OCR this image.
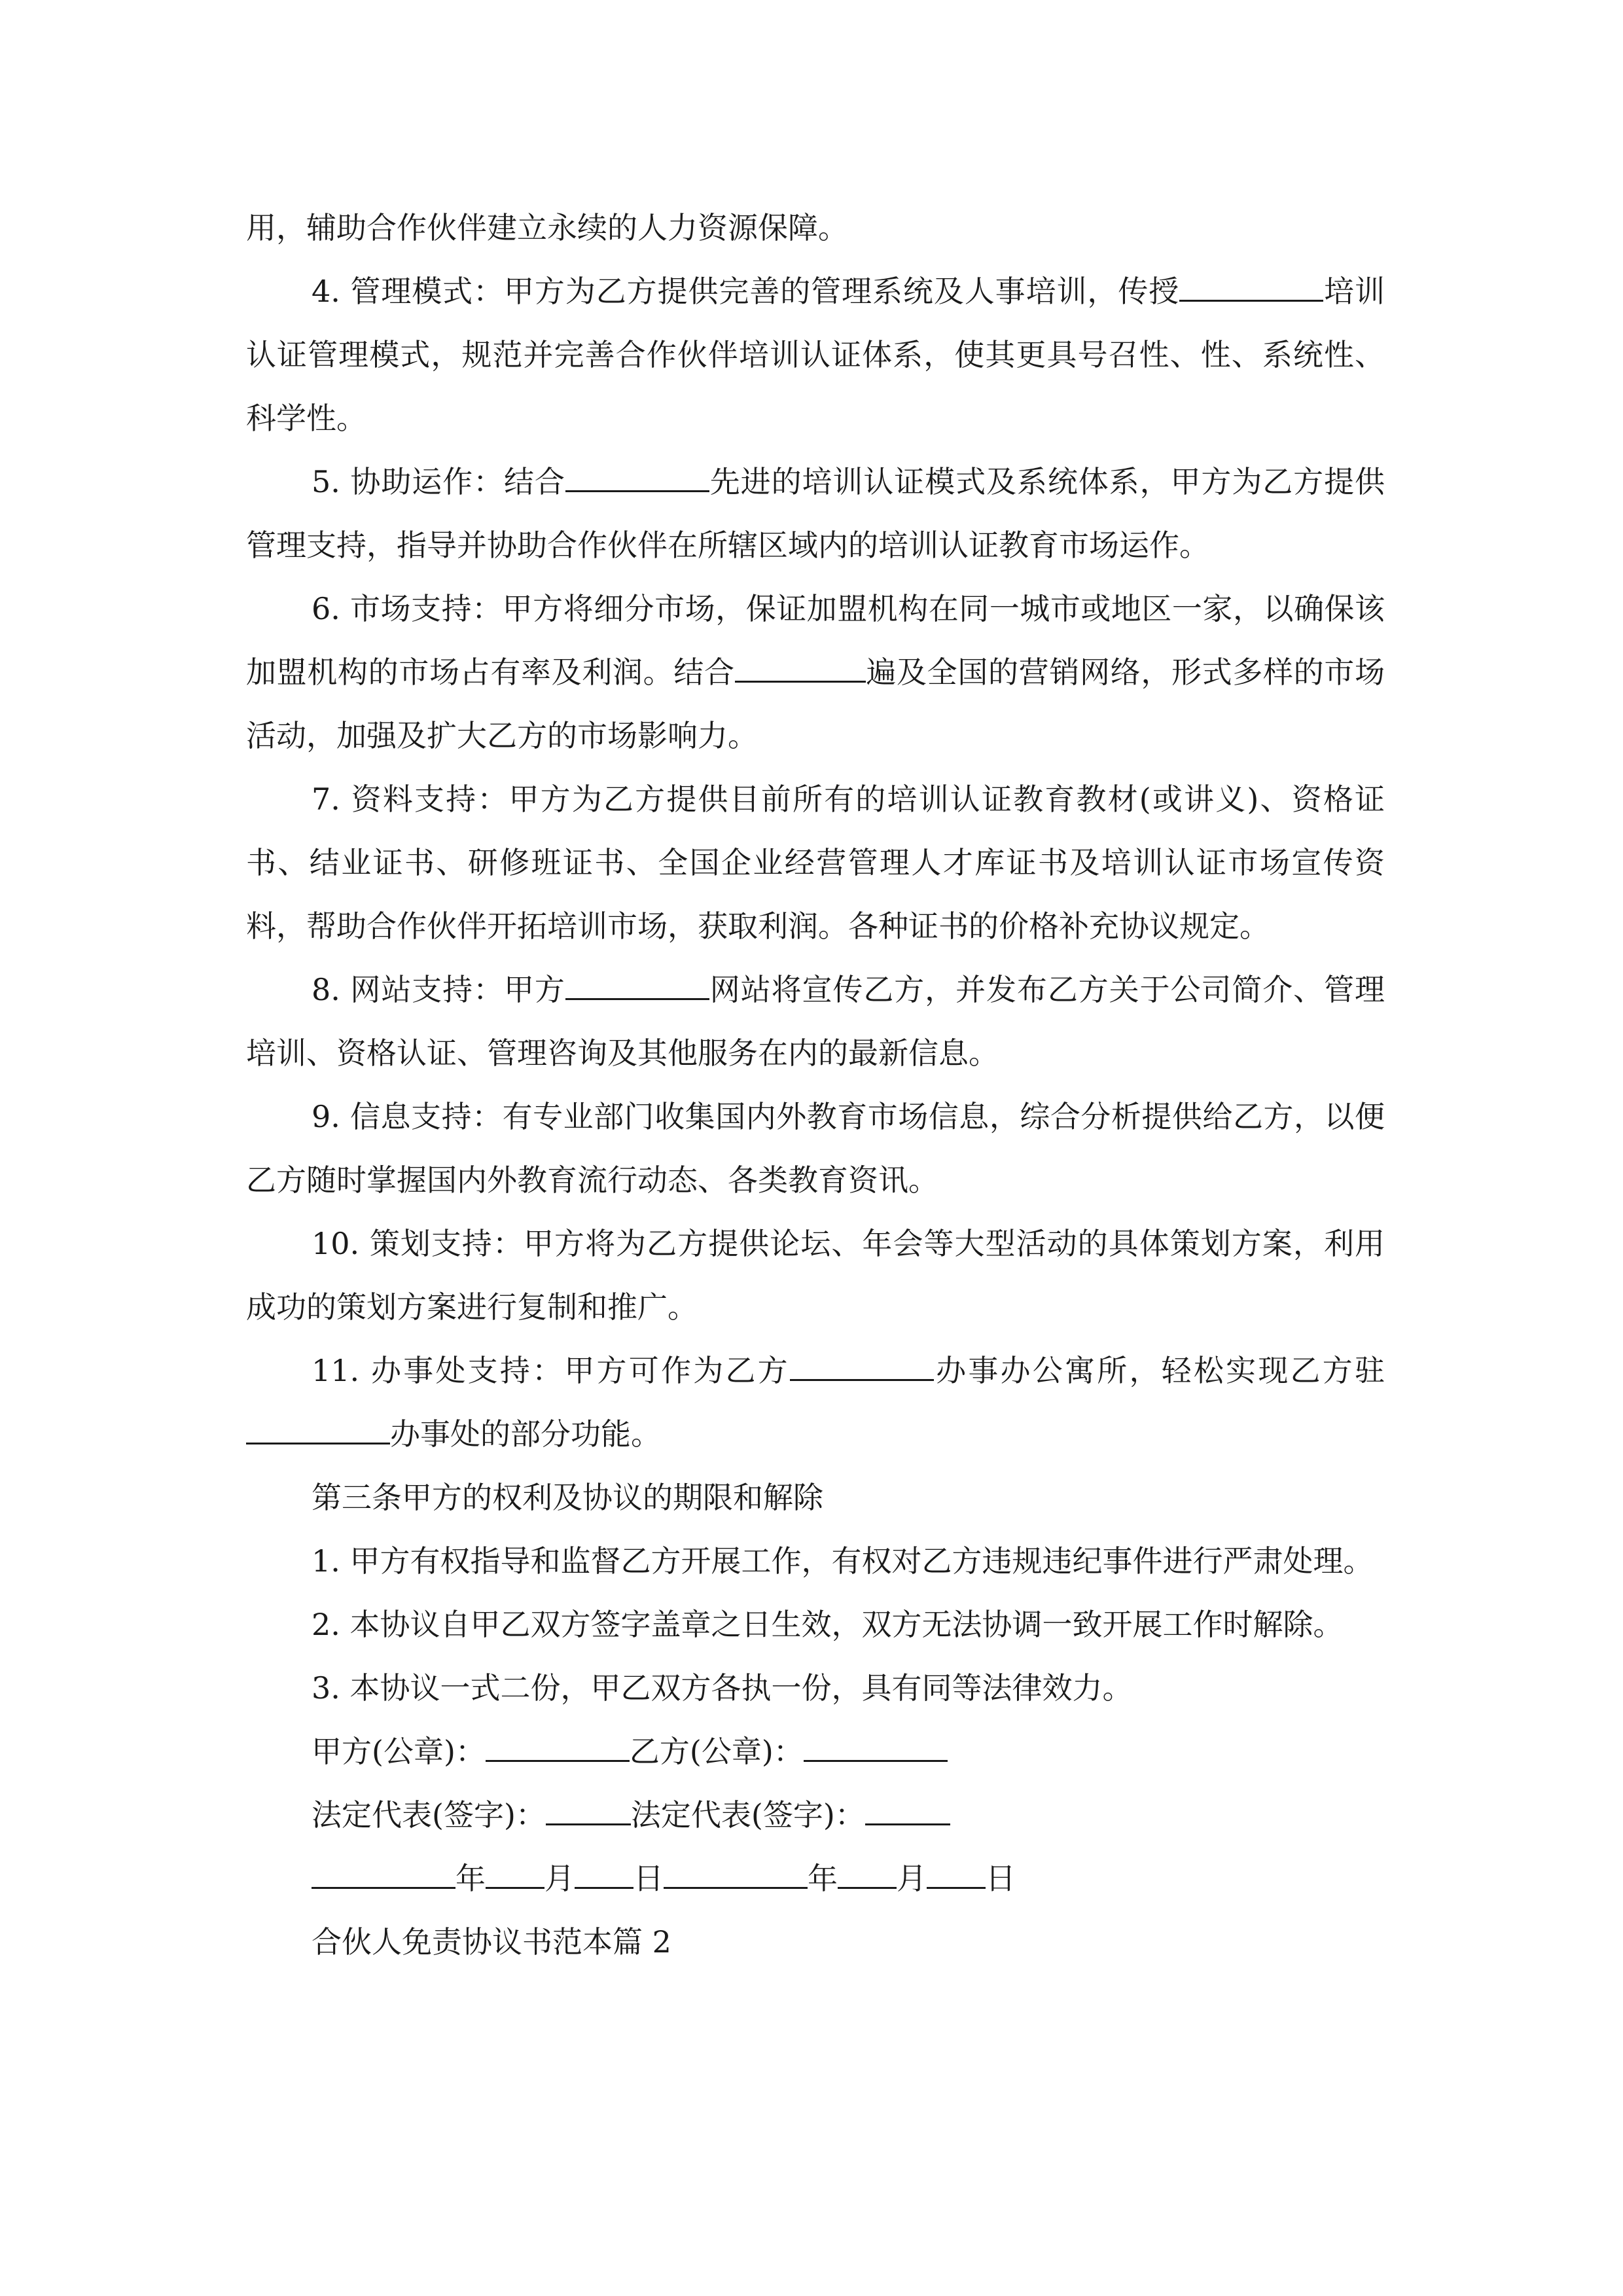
用，辅助合作伙伴建立永续的人力资源保障。

4. 管理模式：甲方为乙方提供完善的管理系统及人事培训，传授	培训认证管理模式，规范并完善合作伙伴培训认证体系，使其更具号召性、性、系统性、科学性。

5. 协助运作：结合	先进的培训认证模式及系统体系，甲方为乙方提供管理支持，指导并协助合作伙伴在所辖区域内的培训认证教育市场运作。

6. 市场支持：甲方将细分市场，保证加盟机构在同一城市或地区一家，以确保该加盟机构的市场占有率及利润。结合	遍及全国的营销网络，形式多样的市场活动，加强及扩大乙方的市场影响力。

7. 资料支持：甲方为乙方提供目前所有的培训认证教育教材(或讲义)、资格证书、结业证书、研修班证书、全国企业经营管理人才库证书及培训认证市场宣传资料，帮助合作伙伴开拓培训市场，获取利润。各种证书的价格补充协议规定。

8. 网站支持：甲方	网站将宣传乙方，并发布乙方关于公司简介、管理培训、资格认证、管理咨询及其他服务在内的最新信息。

9. 信息支持：有专业部门收集国内外教育市场信息，综合分析提供给乙方，以便乙方随时掌握国内外教育流行动态、各类教育资讯。

10. 策划支持：甲方将为乙方提供论坛、年会等大型活动的具体策划方案，利用成功的策划方案进行复制和推广。

11. 办事处支持：甲方可作为乙方	办事办公寓所，轻松实现乙方驻办事处的部分功能。

第三条甲方的权利及协议的期限和解除

1. 甲方有权指导和监督乙方开展工作，有权对乙方违规违纪事件进行严肃处理。

2. 本协议自甲乙双方签字盖章之日生效，双方无法协调一致开展工作时解除。

3. 本协议一式二份，甲乙双方各执一份，具有同等法律效力。

甲方(公章)：	乙方(公章)：

法定代表(签字)：	法定代表(签字)：

年 月 日	年 月 日

合伙人免责协议书范本篇 2
